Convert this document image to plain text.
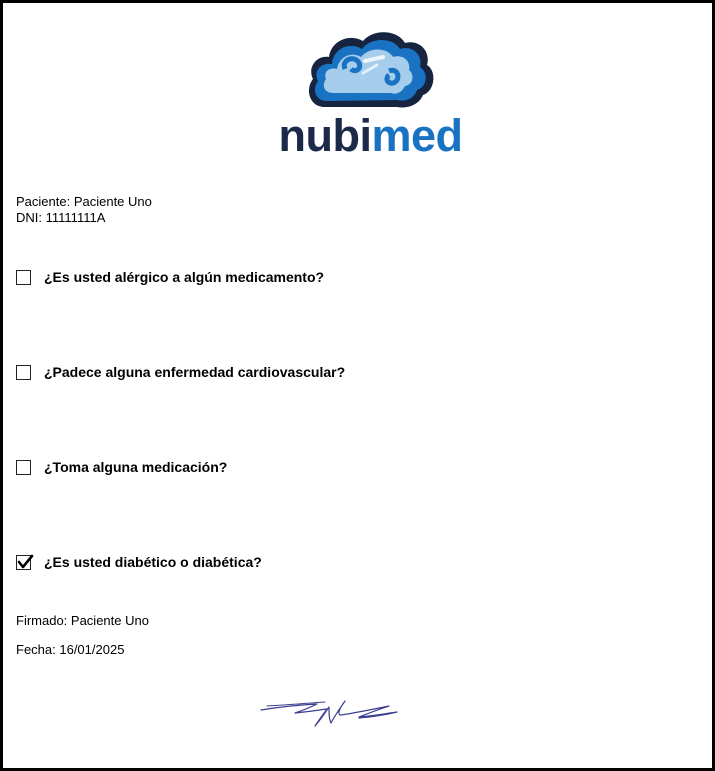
nubimed
Paciente: Paciente Uno
DNI: 11111111A
¿Es usted alérgico a algún medicamento?
¿Padece alguna enfermedad cardiovascular?
¿Toma alguna medicación?
¿Es usted diabético o diabética?
Firmado: Paciente Uno
Fecha: 16/01/2025
